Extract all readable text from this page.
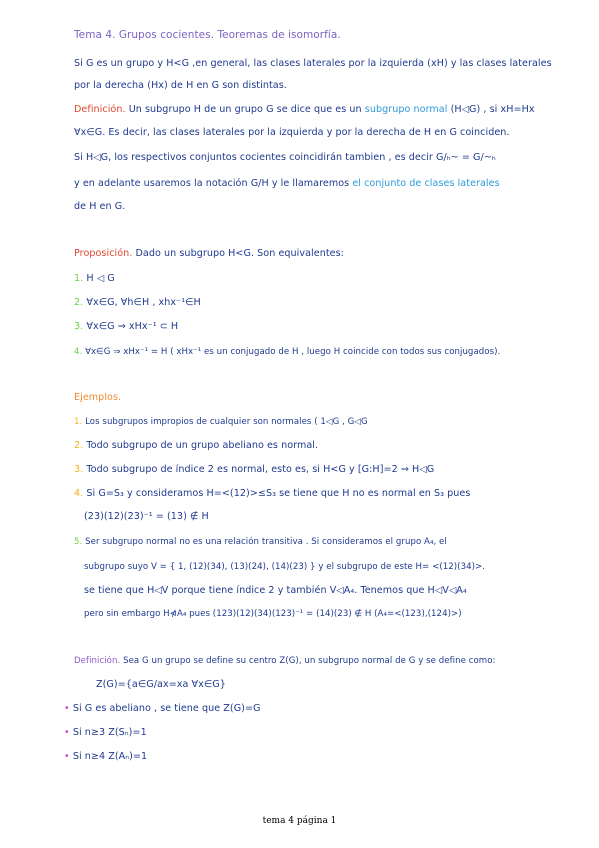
Tema 4. Grupos cocientes. Teoremas de isomorfía.
Si G es un grupo y H<G ,en general, las clases laterales por la izquierda (xH) y las clases laterales
por la derecha (Hx) de H en G son distintas.
Definición. Un subgrupo H de un grupo G se dice que es un subgrupo normal (H◁G) , si xH=Hx
∀x∈G. Es decir, las clases laterales por la izquierda y por la derecha de H en G coinciden.
Si H◁G, los respectivos conjuntos cocientes coincidirán tambien , es decir G/ₕ~ = G/~ₕ
y en adelante usaremos la notación G/H y le llamaremos el conjunto de clases laterales
de H en G.
Proposición. Dado un subgrupo H<G. Son equivalentes:
1. H ◁ G
2. ∀x∈G, ∀h∈H , xhx⁻¹∈H
3. ∀x∈G ⇒ xHx⁻¹ ⊂ H
4. ∀x∈G ⇒ xHx⁻¹ = H ( xHx⁻¹ es un conjugado de H , luego H coincide con todos sus conjugados).
Ejemplos.
1. Los subgrupos impropios de cualquier son normales ( 1◁G , G◁G
2. Todo subgrupo de un grupo abeliano es normal.
3. Todo subgrupo de índice 2 es normal, esto es, si H<G y [G:H]=2 ⇒ H◁G
4. Si G=S₃ y consideramos H=<(12)>≤S₃ se tiene que H no es normal en S₃ pues
(23)(12)(23)⁻¹ = (13) ∉ H
5. Ser subgrupo normal no es una relación transitiva . Si consideramos el grupo A₄, el
subgrupo suyo V = { 1, (12)(34), (13)(24), (14)(23) } y el subgrupo de este H= <(12)(34)>.
se tiene que H◁V porque tiene índice 2 y también V◁A₄. Tenemos que H◁V◁A₄
pero sin embargo H⋪A₄ pues (123)(12)(34)(123)⁻¹ = (14)(23) ∉ H (A₄=<(123),(124)>)
Definición. Sea G un grupo se define su centro Z(G), un subgrupo normal de G y se define como:
Z(G)={a∈G/ax=xa ∀x∈G}
• Si G es abeliano , se tiene que Z(G)=G
• Si n≥3 Z(Sₙ)=1
• Si n≥4 Z(Aₙ)=1
tema 4 página 1
